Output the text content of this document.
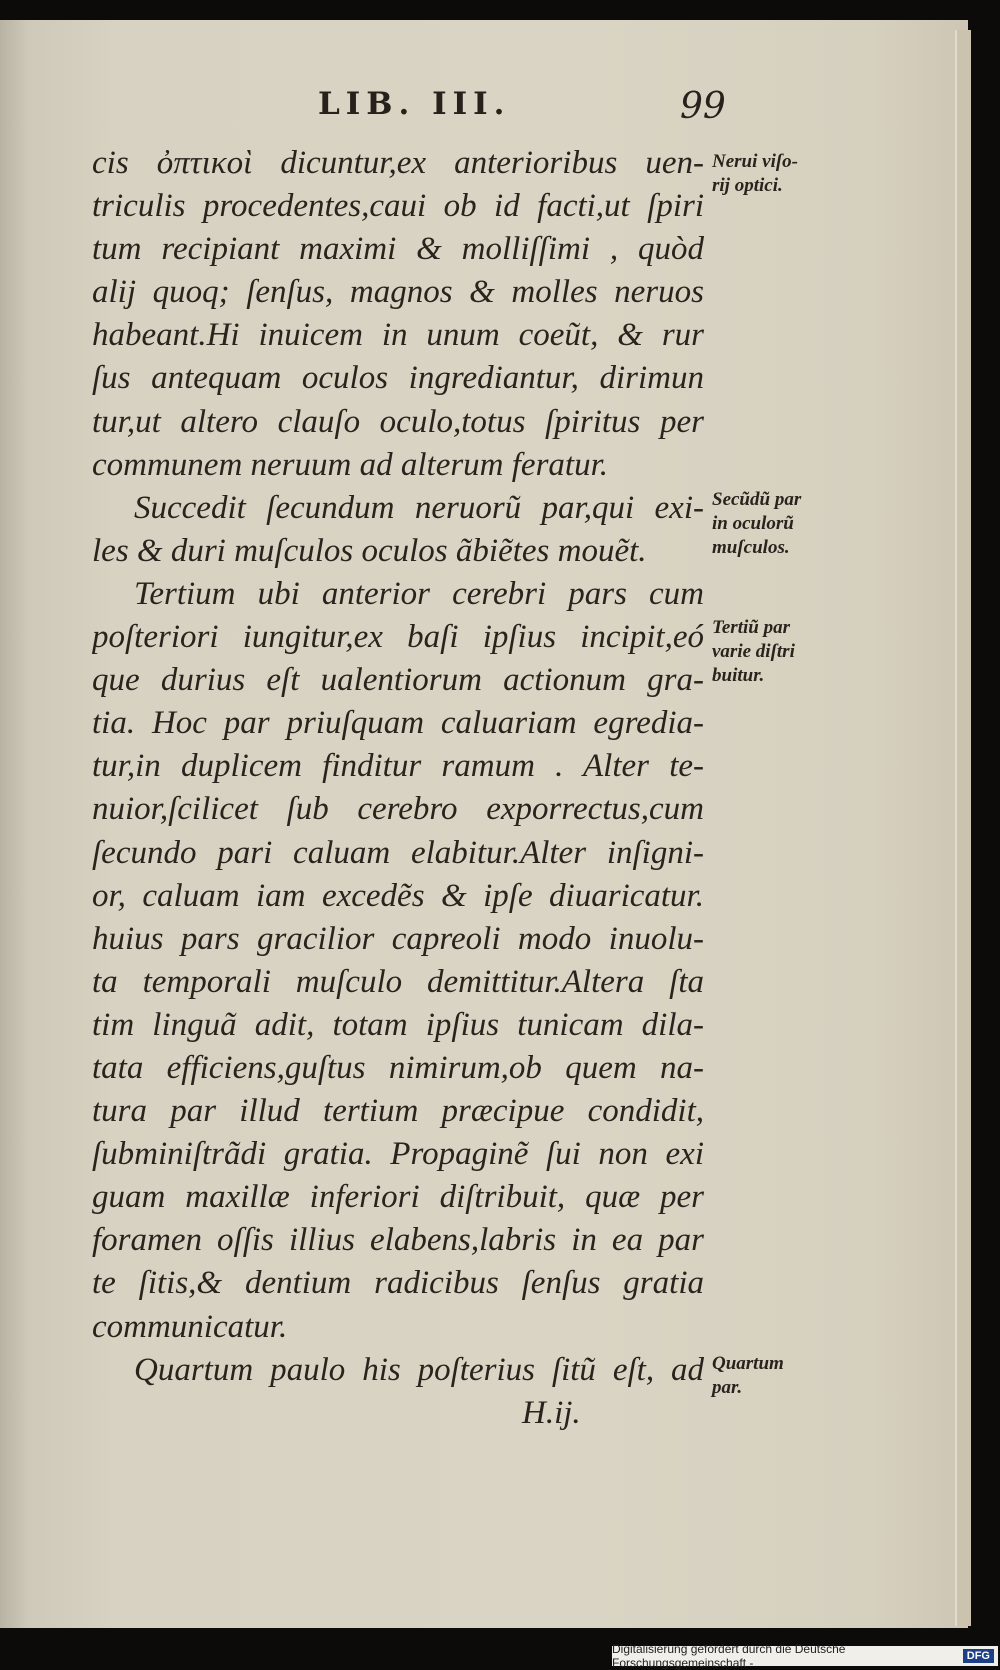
LIB. III.	99
cis ὀπτικοὶ dicuntur,ex anterioribus uen-
triculis procedentes,caui ob id facti,ut ſpiri
tum recipiant maximi & molliſſimi , quòd
alij quoq; ſenſus, magnos & molles neruos
habeant.Hi inuicem in unum coeũt, & rur
ſus antequam oculos ingrediantur, dirimun
tur,ut altero clauſo oculo,totus ſpiritus per
communem neruum ad alterum feratur.
Succedit ſecundum neruorũ par,qui exi-
les & duri muſculos oculos ãbiẽtes mouẽt.
Tertium ubi anterior cerebri pars cum
poſteriori iungitur,ex baſi ipſius incipit,eó
que durius eſt ualentiorum actionum gra-
tia. Hoc par priuſquam caluariam egredia-
tur,in duplicem finditur ramum . Alter te-
nuior,ſcilicet ſub cerebro exporrectus,cum
ſecundo pari caluam elabitur.Alter inſigni-
or, caluam iam excedẽs & ipſe diuaricatur.
huius pars gracilior capreoli modo inuolu-
ta temporali muſculo demittitur.Altera ſta
tim linguã adit, totam ipſius tunicam dila-
tata efficiens,guſtus nimirum,ob quem na-
tura par illud tertium præcipue condidit,
ſubminiſtrãdi gratia. Propaginẽ ſui non exi
guam maxillæ inferiori diſtribuit, quæ per
foramen oſſis illius elabens,labris in ea par
te ſitis,& dentium radicibus ſenſus gratia
communicatur.
Quartum paulo his poſterius ſitũ eſt, ad
H.ij.
Nerui viſo-
rij optici.
Secũdũ par
in oculorũ
muſculos.
Tertiũ par
varie diſtri
buitur.
Quartum
par.
Digitalisierung gefördert durch die Deutsche Forschungsgemeinschaft -	DFG
